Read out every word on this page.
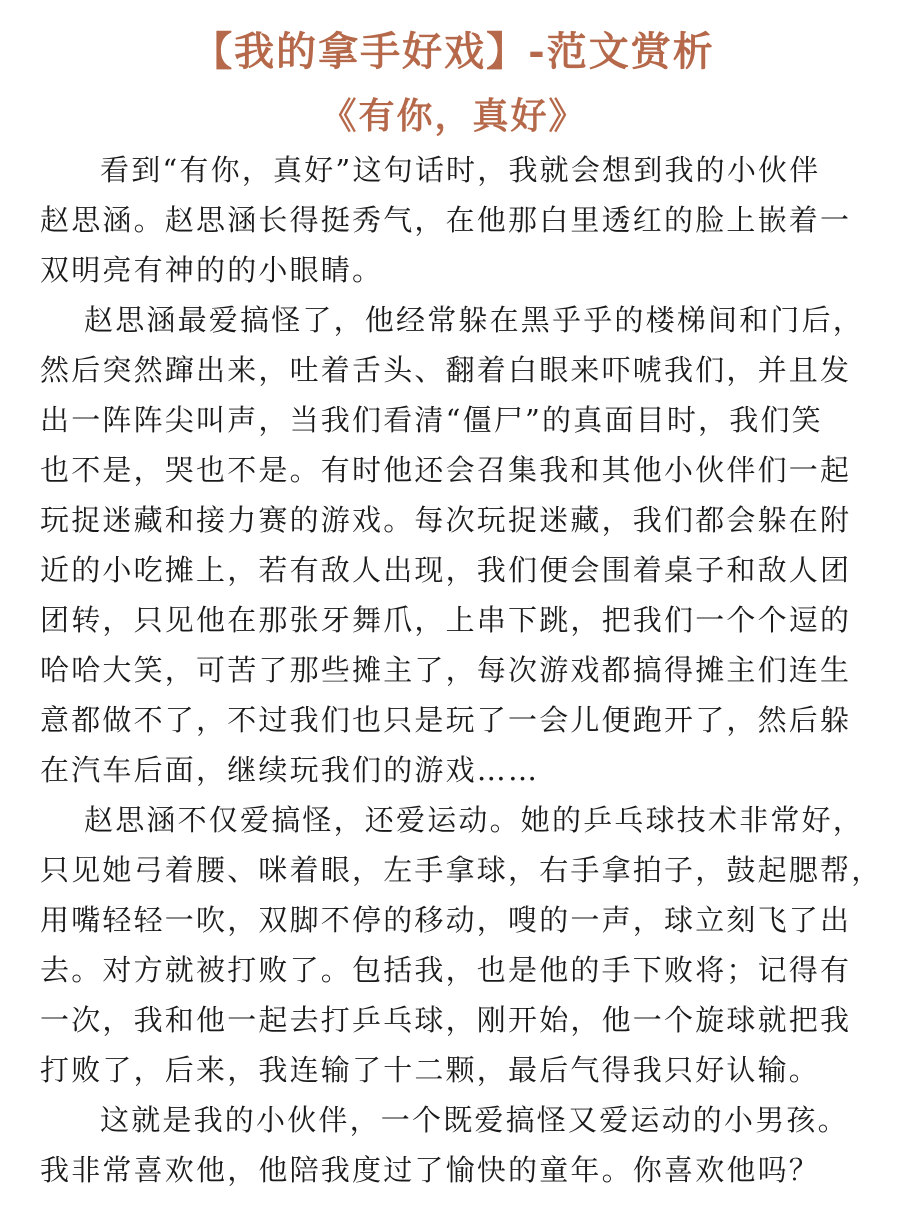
【我的拿手好戏】-范文赏析
《有你，真好》
看到“有你，真好”这句话时，我就会想到我的小伙伴
赵思涵。赵思涵长得挺秀气，在他那白里透红的脸上嵌着一
双明亮有神的的小眼睛。
赵思涵最爱搞怪了，他经常躲在黑乎乎的楼梯间和门后，
然后突然蹿出来，吐着舌头、翻着白眼来吓唬我们，并且发
出一阵阵尖叫声，当我们看清“僵尸”的真面目时，我们笑
也不是，哭也不是。有时他还会召集我和其他小伙伴们一起
玩捉迷藏和接力赛的游戏。每次玩捉迷藏，我们都会躲在附
近的小吃摊上，若有敌人出现，我们便会围着桌子和敌人团
团转，只见他在那张牙舞爪，上串下跳，把我们一个个逗的
哈哈大笑，可苦了那些摊主了，每次游戏都搞得摊主们连生
意都做不了，不过我们也只是玩了一会儿便跑开了，然后躲
在汽车后面，继续玩我们的游戏……
赵思涵不仅爱搞怪，还爱运动。她的乒乓球技术非常好，
只见她弓着腰、咪着眼，左手拿球，右手拿拍子，鼓起腮帮，
用嘴轻轻一吹，双脚不停的移动，嗖的一声，球立刻飞了出
去。对方就被打败了。包括我，也是他的手下败将；记得有
一次，我和他一起去打乒乓球，刚开始，他一个旋球就把我
打败了，后来，我连输了十二颗，最后气得我只好认输。
这就是我的小伙伴，一个既爱搞怪又爱运动的小男孩。
我非常喜欢他，他陪我度过了愉快的童年。你喜欢他吗？
